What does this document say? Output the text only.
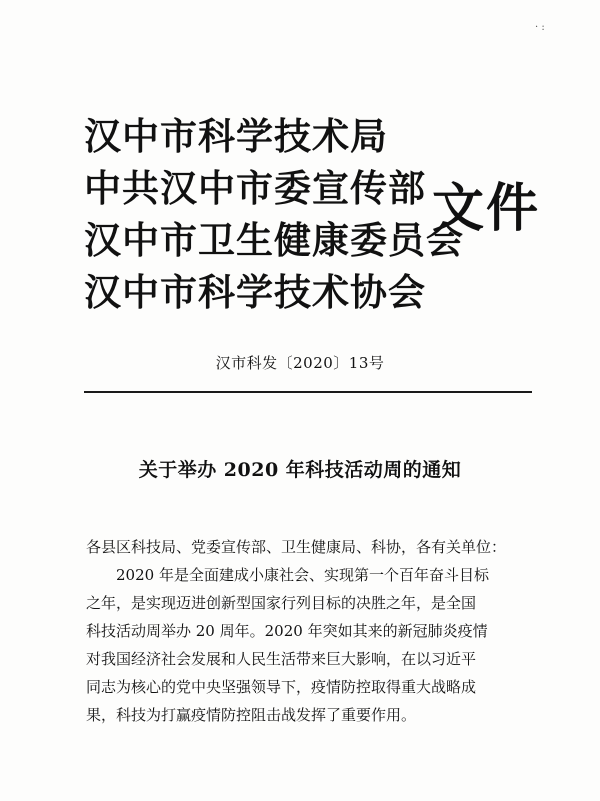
· :
汉中市科学技术局
中共汉中市委宣传部
汉中市卫生健康委员会
汉中市科学技术协会
文件
汉市科发〔2020〕13号
关于举办 2020 年科技活动周的通知
各县区科技局、党委宣传部、卫生健康局、科协，各有关单位：
2020 年是全面建成小康社会、实现第一个百年奋斗目标
之年，是实现迈进创新型国家行列目标的决胜之年，是全国
科技活动周举办 20 周年。2020 年突如其来的新冠肺炎疫情
对我国经济社会发展和人民生活带来巨大影响，在以习近平
同志为核心的党中央坚强领导下，疫情防控取得重大战略成
果，科技为打赢疫情防控阻击战发挥了重要作用。
